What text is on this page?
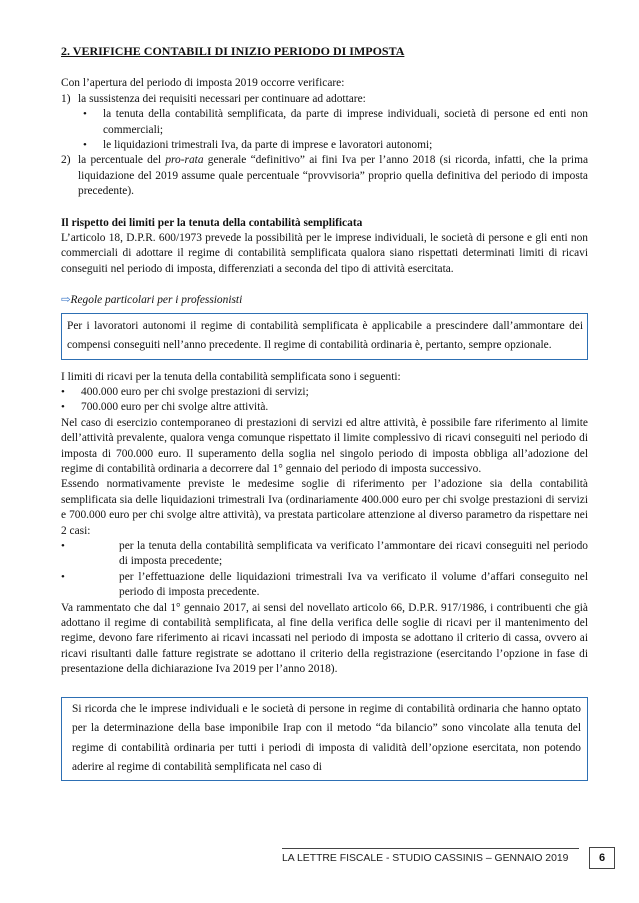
2. VERIFICHE CONTABILI DI INIZIO PERIODO DI IMPOSTA

Con l’apertura del periodo di imposta 2019 occorre verificare:

1) la sussistenza dei requisiti necessari per continuare ad adottare:
•	la tenuta della contabilità semplificata, da parte di imprese individuali, società di persone ed enti non commerciali;
•	le liquidazioni trimestrali Iva, da parte di imprese e lavoratori autonomi;
2) la percentuale del pro-rata generale “definitivo” ai fini Iva per l’anno 2018 (si ricorda, infatti, che la prima liquidazione del 2019 assume quale percentuale “provvisoria” proprio quella definitiva del periodo di imposta precedente).

Il rispetto dei limiti per la tenuta della contabilità semplificata

L’articolo 18, D.P.R. 600/1973 prevede la possibilità per le imprese individuali, le società di persone e gli enti non commerciali di adottare il regime di contabilità semplificata qualora siano rispettati determinati limiti di ricavi conseguiti nel periodo di imposta, differenziati a seconda del tipo di attività esercitata.

⇨Regole particolari per i professionisti

Per i lavoratori autonomi il regime di contabilità semplificata è applicabile a prescindere dall’ammontare dei compensi conseguiti nell’anno precedente. Il regime di contabilità ordinaria è, pertanto, sempre opzionale.

I limiti di ricavi per la tenuta della contabilità semplificata sono i seguenti:

•	400.000 euro per chi svolge prestazioni di servizi;
•	700.000 euro per chi svolge altre attività.

Nel caso di esercizio contemporaneo di prestazioni di servizi ed altre attività, è possibile fare riferimento al limite dell’attività prevalente, qualora venga comunque rispettato il limite complessivo di ricavi conseguiti nel periodo di imposta di 700.000 euro. Il superamento della soglia nel singolo periodo di imposta obbliga all’adozione del regime di contabilità ordinaria a decorrere dal 1° gennaio del periodo di imposta successivo.

Essendo normativamente previste le medesime soglie di riferimento per l’adozione sia della contabilità semplificata sia delle liquidazioni trimestrali Iva (ordinariamente 400.000 euro per chi svolge prestazioni di servizi e 700.000 euro per chi svolge altre attività), va prestata particolare attenzione al diverso parametro da rispettare nei 2 casi:

•	per la tenuta della contabilità semplificata va verificato l’ammontare dei ricavi conseguiti nel periodo di imposta precedente;
•	per l’effettuazione delle liquidazioni trimestrali Iva va verificato il volume d’affari conseguito nel periodo di imposta precedente.

Va rammentato che dal 1° gennaio 2017, ai sensi del novellato articolo 66, D.P.R. 917/1986, i contribuenti che già adottano il regime di contabilità semplificata, al fine della verifica delle soglie di ricavi per il mantenimento del regime, devono fare riferimento ai ricavi incassati nel periodo di imposta se adottano il criterio di cassa, ovvero ai ricavi risultanti dalle fatture registrate se adottano il criterio della registrazione (esercitando l’opzione in fase di presentazione della dichiarazione Iva 2019 per l’anno 2018).

Si ricorda che le imprese individuali e le società di persone in regime di contabilità ordinaria che hanno optato per la determinazione della base imponibile Irap con il metodo “da bilancio” sono vincolate alla tenuta del regime di contabilità ordinaria per tutti i periodi di imposta di validità dell’opzione esercitata, non potendo aderire al regime di contabilità semplificata nel caso di
LA LETTRE FISCALE - STUDIO CASSINIS – GENNAIO 2019	6
